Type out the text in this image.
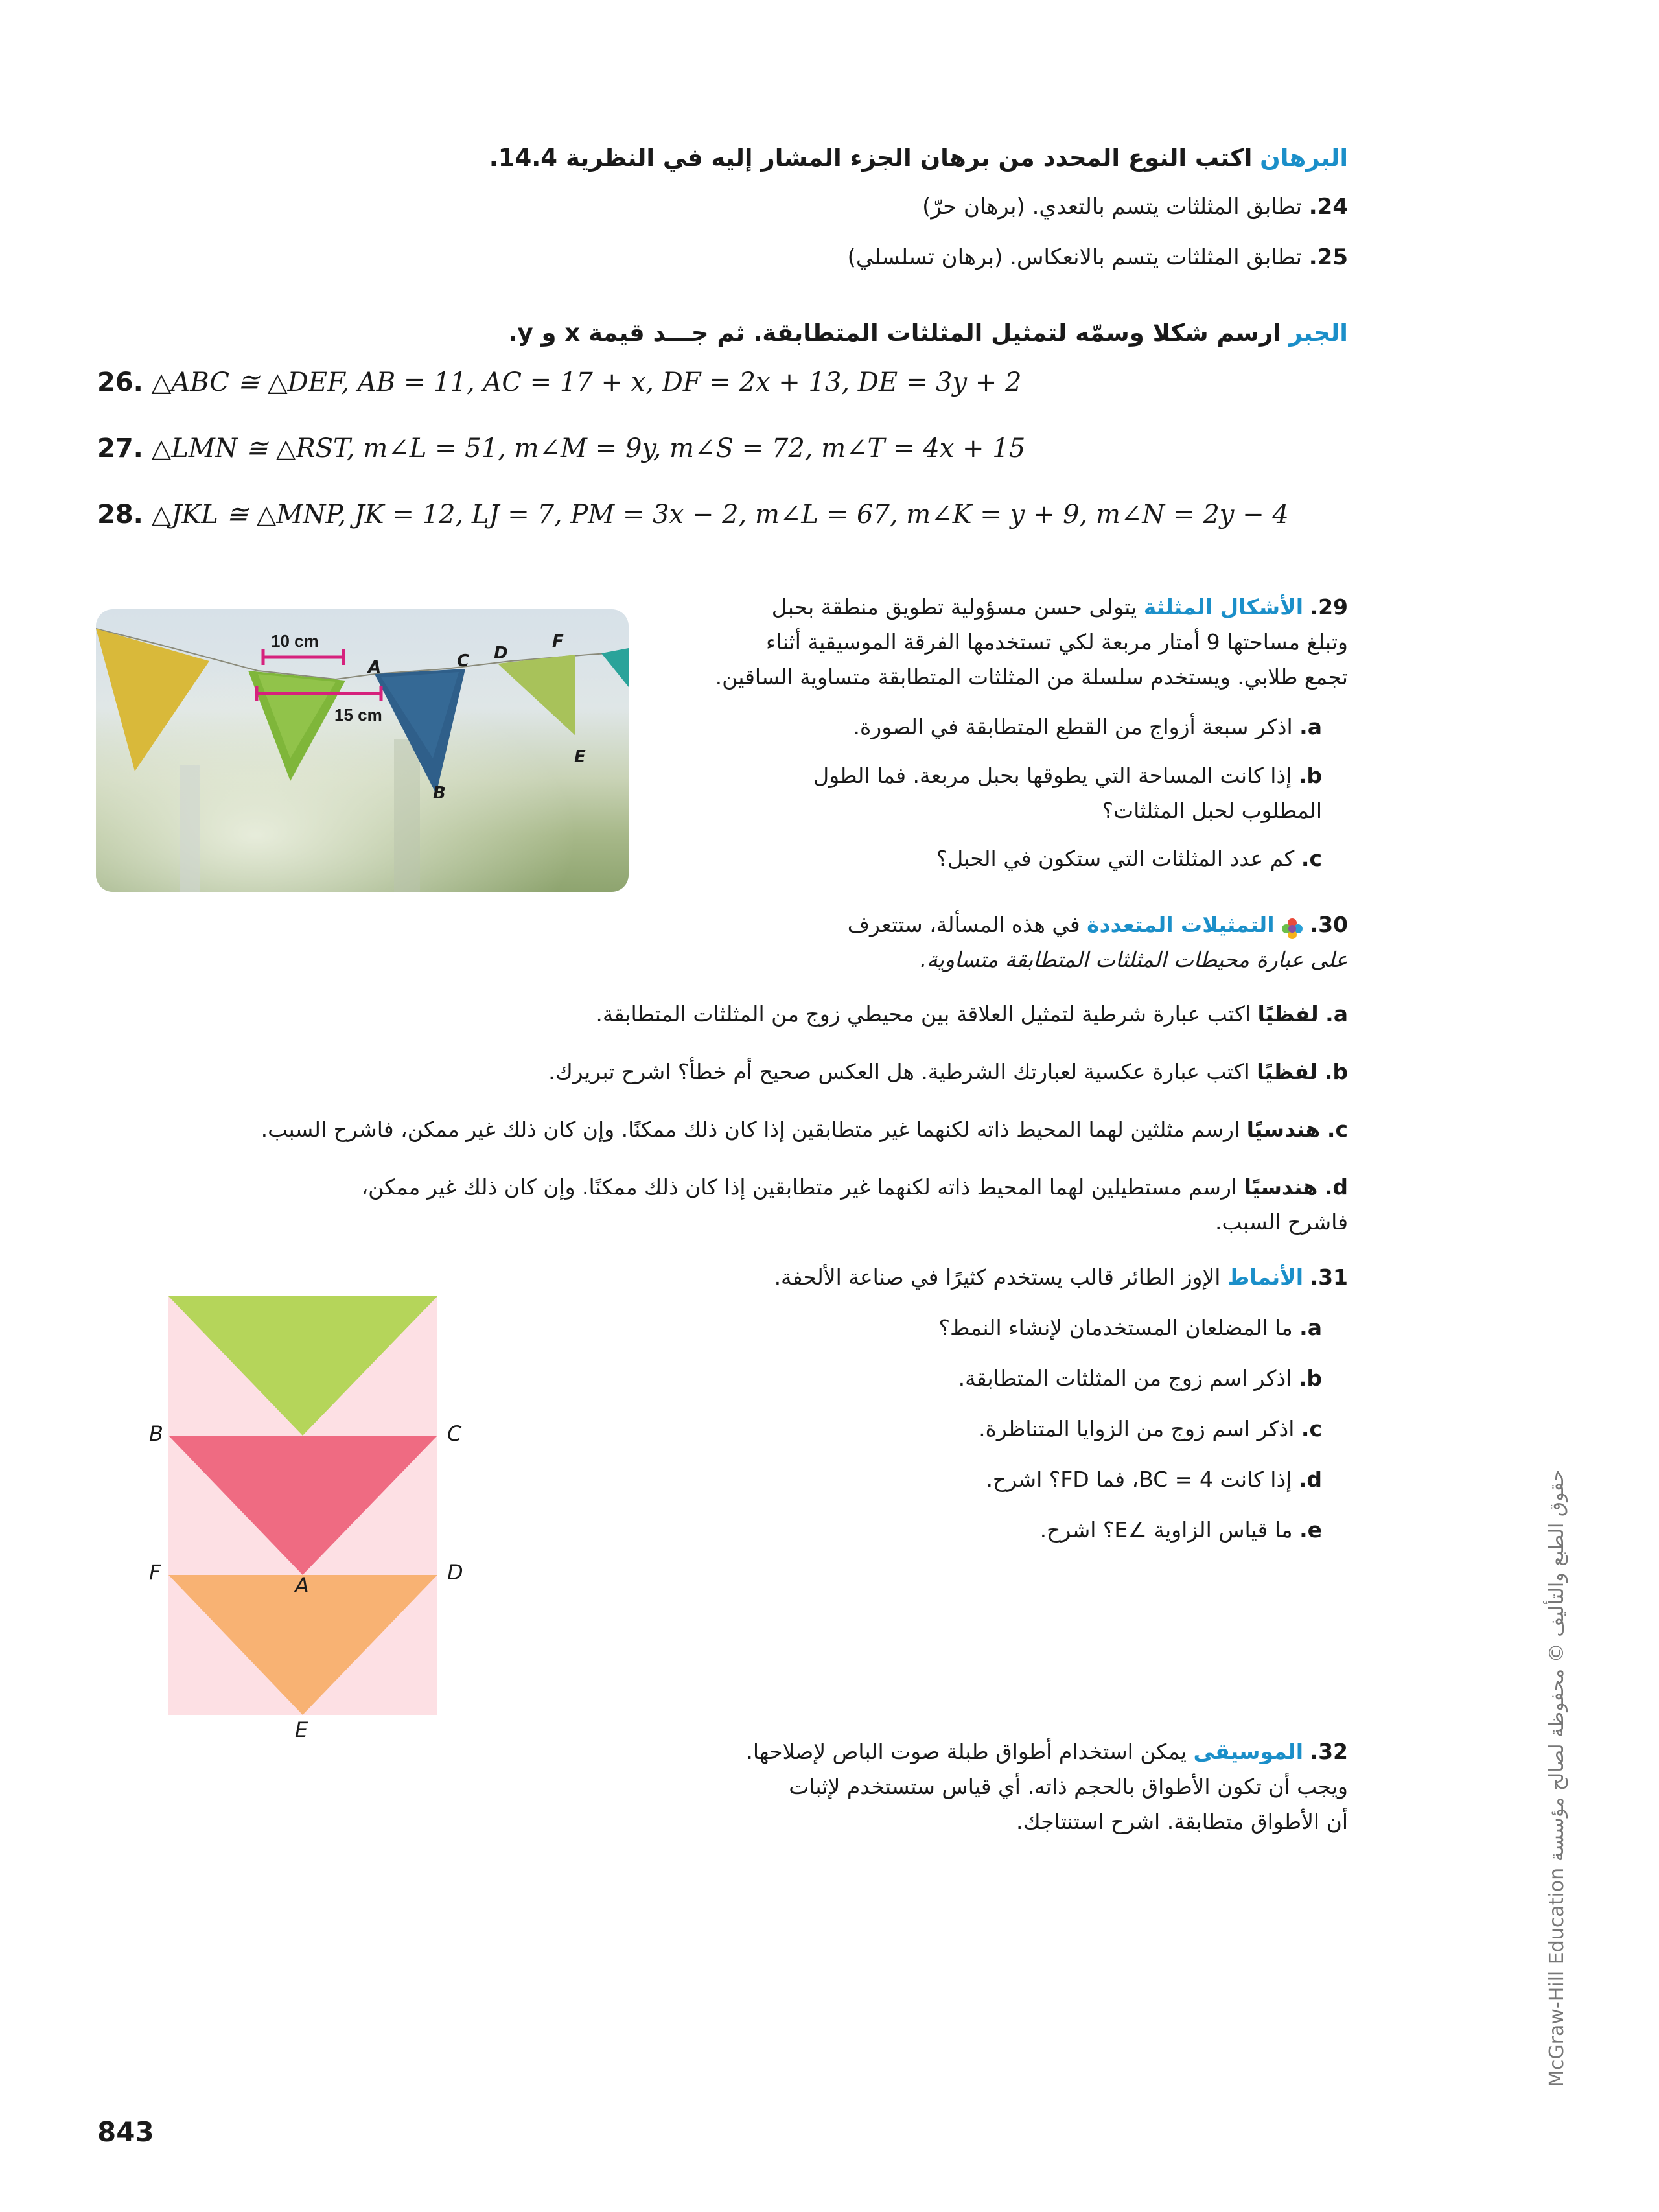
البرهان اكتب النوع المحدد من برهان الجزء المشار إليه في النظرية 14.4.
24. تطابق المثلثات يتسم بالتعدي. (برهان حرّ)
25. تطابق المثلثات يتسم بالانعكاس. (برهان تسلسلي)
الجبر ارسم شكلا وسمّه لتمثيل المثلثات المتطابقة. ثم جـــد قيمة x و y.
26. △ABC ≅ △DEF, AB = 11, AC = 17 + x, DF = 2x + 13, DE = 3y + 2
27. △LMN ≅ △RST, m∠L = 51, m∠M = 9y, m∠S = 72, m∠T = 4x + 15
28. △JKL ≅ △MNP, JK = 12, LJ = 7, PM = 3x − 2, m∠L = 67, m∠K = y + 9, m∠N = 2y − 4
29. الأشكال المثلثة يتولى حسن مسؤولية تطويق منطقة بحبل
وتبلغ مساحتها 9 أمتار مربعة لكي تستخدمها الفرقة الموسيقية أثناء
تجمع طلابي. ويستخدم سلسلة من المثلثات المتطابقة متساوية الساقين.
a. اذكر سبعة أزواج من القطع المتطابقة في الصورة.
b. إذا كانت المساحة التي يطوقها بحبل مربعة. فما الطول
المطلوب لحبل المثلثات؟
c. كم عدد المثلثات التي ستكون في الحبل؟
10 cm
15 cm
A
B
C D
E
F
30.  التمثيلات المتعددة في هذه المسألة، ستتعرف
على عبارة محيطات المثلثات المتطابقة متساوية.
a. لفظيًا اكتب عبارة شرطية لتمثيل العلاقة بين محيطي زوج من المثلثات المتطابقة.
b. لفظيًا اكتب عبارة عكسية لعبارتك الشرطية. هل العكس صحيح أم خطأ؟ اشرح تبريرك.
c. هندسيًا ارسم مثلثين لهما المحيط ذاته لكنهما غير متطابقين إذا كان ذلك ممكنًا. وإن كان ذلك غير ممكن، فاشرح السبب.
d. هندسيًا ارسم مستطيلين لهما المحيط ذاته لكنهما غير متطابقين إذا كان ذلك ممكنًا. وإن كان ذلك غير ممكن،
فاشرح السبب.
31. الأنماط الإوز الطائر قالب يستخدم كثيرًا في صناعة الألحفة.
a. ما المضلعان المستخدمان لإنشاء النمط؟
b. اذكر اسم زوج من المثلثات المتطابقة.
c. اذكر اسم زوج من الزوايا المتناظرة.
d. إذا كانت BC = 4، فما FD؟ اشرح.
e. ما قياس الزاوية ∠E؟ اشرح.
B	C
F
A
D
E
32. الموسيقى يمكن استخدام أطواق طبلة صوت الباص لإصلاحها.
ويجب أن تكون الأطواق بالحجم ذاته. أي قياس ستستخدم لإثبات
أن الأطواق متطابقة. اشرح استنتاجك.
843
حقوق الطبع والتأليف © محفوظة لصالح مؤسسة McGraw-Hill Education
